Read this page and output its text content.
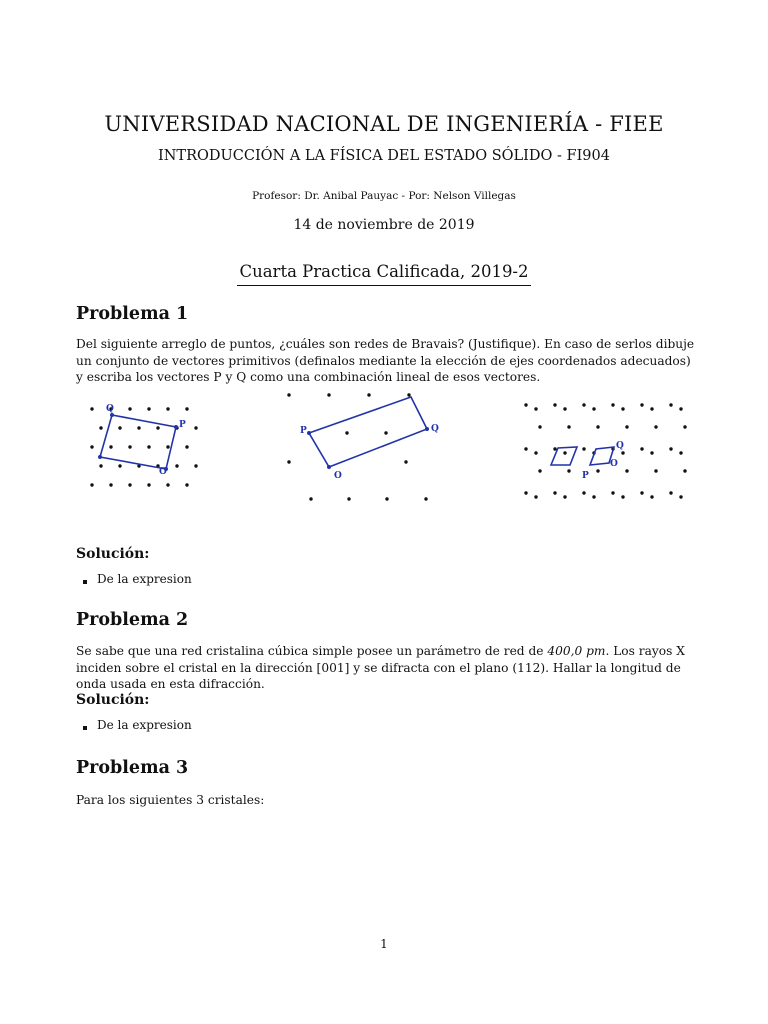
UNIVERSIDAD NACIONAL DE INGENIERÍA - FIEE
INTRODUCCIÓN A LA FÍSICA DEL ESTADO SÓLIDO - FI904
Profesor: Dr. Anibal Pauyac - Por: Nelson Villegas
14 de noviembre de 2019
Cuarta Practica Calificada, 2019-2
Problema 1
Del siguiente arreglo de puntos, ¿cuáles son redes de Bravais? (Justifique). En caso de serlos dibuje un conjunto de vectores primitivos (definalos mediante la elección de ejes coordenados adecuados) y escriba los vectores P y Q como una combinación lineal de esos vectores.
Q
P
O
P	Q
O
Q
O
P
Solución:
De la expresion
Problema 2
Se sabe que una red cristalina cúbica simple posee un parámetro de red de 400,0 pm. Los rayos X inciden sobre el cristal en la dirección [001] y se difracta con el plano (112). Hallar la longitud de onda usada en esta difracción.
Solución:
De la expresion
Problema 3
Para los siguientes 3 cristales:
1
